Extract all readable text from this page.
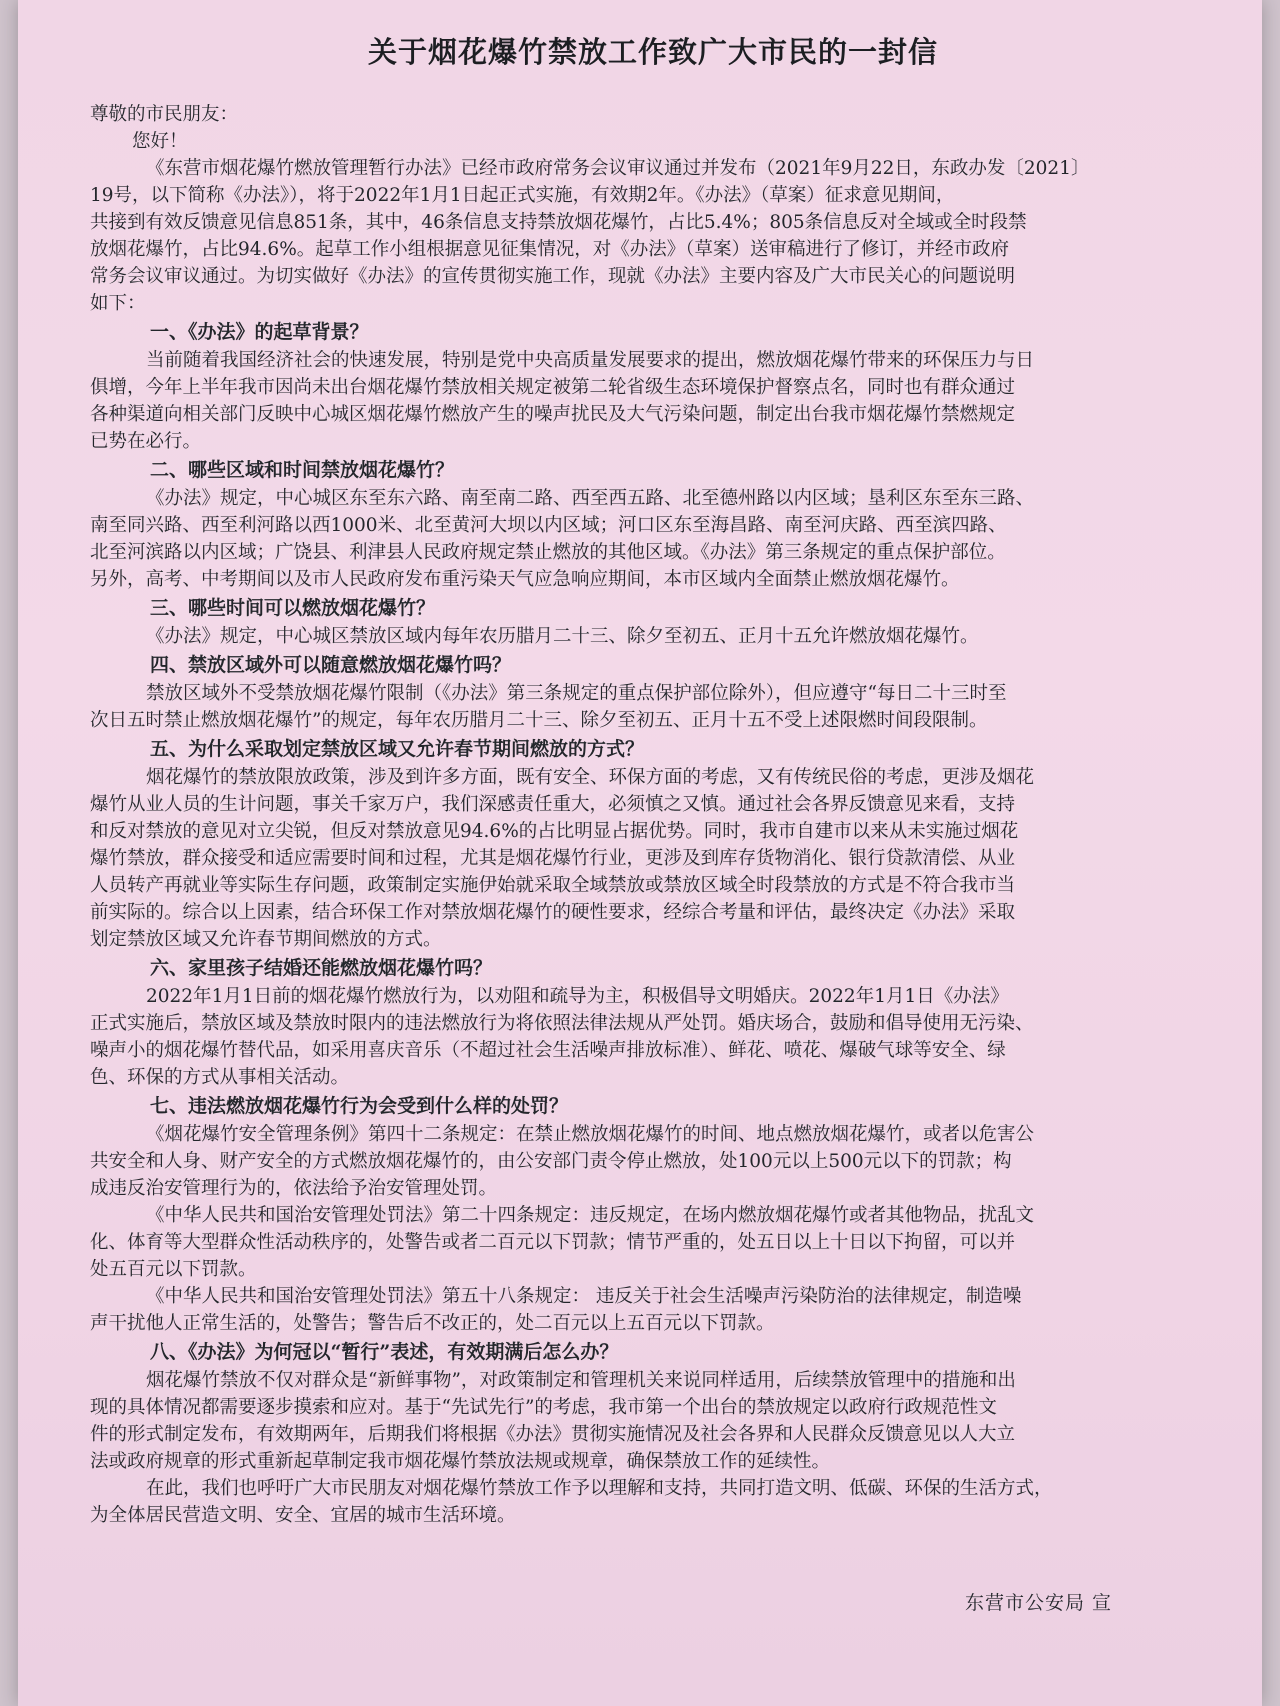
关于烟花爆竹禁放工作致广大市民的一封信
尊敬的市民朋友：
您好！
《东营市烟花爆竹燃放管理暂行办法》已经市政府常务会议审议通过并发布（2021年9月22日，东政办发〔2021〕
19号，以下简称《办法》），将于2022年1月1日起正式实施，有效期2年。《办法》（草案）征求意见期间，
共接到有效反馈意见信息851条，其中，46条信息支持禁放烟花爆竹，占比5.4%；805条信息反对全域或全时段禁
放烟花爆竹，占比94.6%。起草工作小组根据意见征集情况，对《办法》（草案）送审稿进行了修订，并经市政府
常务会议审议通过。为切实做好《办法》的宣传贯彻实施工作，现就《办法》主要内容及广大市民关心的问题说明
如下：
一、《办法》的起草背景？
当前随着我国经济社会的快速发展，特别是党中央高质量发展要求的提出，燃放烟花爆竹带来的环保压力与日
俱增，今年上半年我市因尚未出台烟花爆竹禁放相关规定被第二轮省级生态环境保护督察点名，同时也有群众通过
各种渠道向相关部门反映中心城区烟花爆竹燃放产生的噪声扰民及大气污染问题，制定出台我市烟花爆竹禁燃规定
已势在必行。
二、哪些区域和时间禁放烟花爆竹？
《办法》规定，中心城区东至东六路、南至南二路、西至西五路、北至德州路以内区域；垦利区东至东三路、
南至同兴路、西至利河路以西1000米、北至黄河大坝以内区域；河口区东至海昌路、南至河庆路、西至滨四路、
北至河滨路以内区域；广饶县、利津县人民政府规定禁止燃放的其他区域。《办法》第三条规定的重点保护部位。
另外，高考、中考期间以及市人民政府发布重污染天气应急响应期间，本市区域内全面禁止燃放烟花爆竹。
三、哪些时间可以燃放烟花爆竹？
《办法》规定，中心城区禁放区域内每年农历腊月二十三、除夕至初五、正月十五允许燃放烟花爆竹。
四、禁放区域外可以随意燃放烟花爆竹吗？
禁放区域外不受禁放烟花爆竹限制（《办法》第三条规定的重点保护部位除外），但应遵守“每日二十三时至
次日五时禁止燃放烟花爆竹”的规定，每年农历腊月二十三、除夕至初五、正月十五不受上述限燃时间段限制。
五、为什么采取划定禁放区域又允许春节期间燃放的方式？
烟花爆竹的禁放限放政策，涉及到许多方面，既有安全、环保方面的考虑，又有传统民俗的考虑，更涉及烟花
爆竹从业人员的生计问题，事关千家万户，我们深感责任重大，必须慎之又慎。通过社会各界反馈意见来看，支持
和反对禁放的意见对立尖锐，但反对禁放意见94.6%的占比明显占据优势。同时，我市自建市以来从未实施过烟花
爆竹禁放，群众接受和适应需要时间和过程，尤其是烟花爆竹行业，更涉及到库存货物消化、银行贷款清偿、从业
人员转产再就业等实际生存问题，政策制定实施伊始就采取全域禁放或禁放区域全时段禁放的方式是不符合我市当
前实际的。综合以上因素，结合环保工作对禁放烟花爆竹的硬性要求，经综合考量和评估，最终决定《办法》采取
划定禁放区域又允许春节期间燃放的方式。
六、家里孩子结婚还能燃放烟花爆竹吗？
2022年1月1日前的烟花爆竹燃放行为，以劝阻和疏导为主，积极倡导文明婚庆。2022年1月1日《办法》
正式实施后，禁放区域及禁放时限内的违法燃放行为将依照法律法规从严处罚。婚庆场合，鼓励和倡导使用无污染、
噪声小的烟花爆竹替代品，如采用喜庆音乐（不超过社会生活噪声排放标准）、鲜花、喷花、爆破气球等安全、绿
色、环保的方式从事相关活动。
七、违法燃放烟花爆竹行为会受到什么样的处罚？
《烟花爆竹安全管理条例》第四十二条规定：在禁止燃放烟花爆竹的时间、地点燃放烟花爆竹，或者以危害公
共安全和人身、财产安全的方式燃放烟花爆竹的，由公安部门责令停止燃放，处100元以上500元以下的罚款；构
成违反治安管理行为的，依法给予治安管理处罚。
《中华人民共和国治安管理处罚法》第二十四条规定：违反规定，在场内燃放烟花爆竹或者其他物品，扰乱文
化、体育等大型群众性活动秩序的，处警告或者二百元以下罚款；情节严重的，处五日以上十日以下拘留，可以并
处五百元以下罚款。
《中华人民共和国治安管理处罚法》第五十八条规定： 违反关于社会生活噪声污染防治的法律规定，制造噪
声干扰他人正常生活的，处警告；警告后不改正的，处二百元以上五百元以下罚款。
八、《办法》为何冠以“暂行”表述，有效期满后怎么办？
烟花爆竹禁放不仅对群众是“新鲜事物”，对政策制定和管理机关来说同样适用，后续禁放管理中的措施和出
现的具体情况都需要逐步摸索和应对。基于“先试先行”的考虑，我市第一个出台的禁放规定以政府行政规范性文
件的形式制定发布，有效期两年，后期我们将根据《办法》贯彻实施情况及社会各界和人民群众反馈意见以人大立
法或政府规章的形式重新起草制定我市烟花爆竹禁放法规或规章，确保禁放工作的延续性。
在此，我们也呼吁广大市民朋友对烟花爆竹禁放工作予以理解和支持，共同打造文明、低碳、环保的生活方式，
为全体居民营造文明、安全、宜居的城市生活环境。
东营市公安局 宣
